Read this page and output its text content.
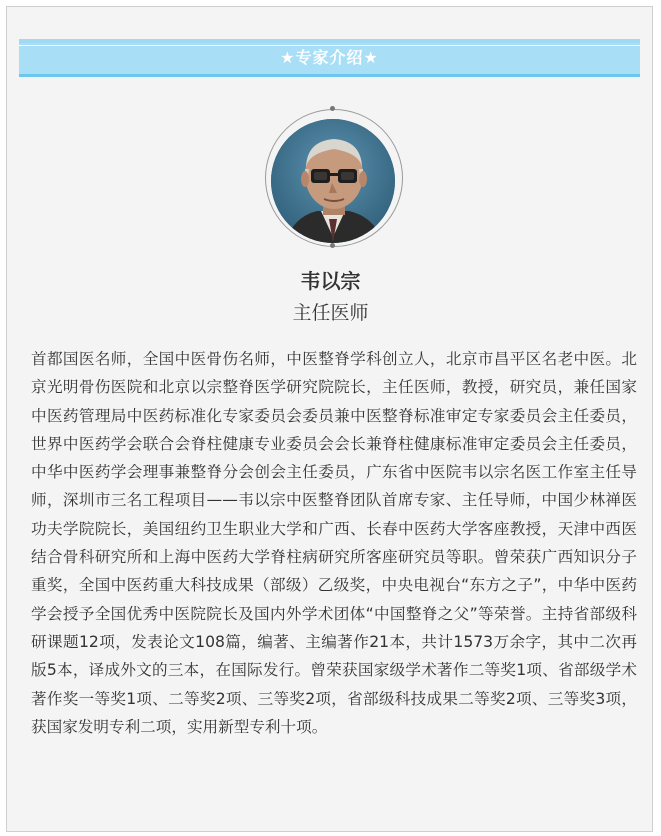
★专家介绍★
韦以宗
主任医师
首都国医名师，全国中医骨伤名师，中医整脊学科创立人，北京市昌平区名老中医。北京光明骨伤医院和北京以宗整脊医学研究院院长，主任医师，教授，研究员，兼任国家中医药管理局中医药标准化专家委员会委员兼中医整脊标准审定专家委员会主任委员，世界中医药学会联合会脊柱健康专业委员会会长兼脊柱健康标准审定委员会主任委员，中华中医药学会理事兼整脊分会创会主任委员，广东省中医院韦以宗名医工作室主任导师，深圳市三名工程项目——韦以宗中医整脊团队首席专家、主任导师，中国少林禅医功夫学院院长，美国纽约卫生职业大学和广西、长春中医药大学客座教授，天津中西医结合骨科研究所和上海中医药大学脊柱病研究所客座研究员等职。曾荣获广西知识分子重奖，全国中医药重大科技成果（部级）乙级奖，中央电视台“东方之子”，中华中医药学会授予全国优秀中医院院长及国内外学术团体“中国整脊之父”等荣誉。主持省部级科研课题12项，发表论文108篇，编著、主编著作21本，共计1573万余字，其中二次再版5本，译成外文的三本，在国际发行。曾荣获国家级学术著作二等奖1项、省部级学术著作奖一等奖1项、二等奖2项、三等奖2项，省部级科技成果二等奖2项、三等奖3项，获国家发明专利二项，实用新型专利十项。
